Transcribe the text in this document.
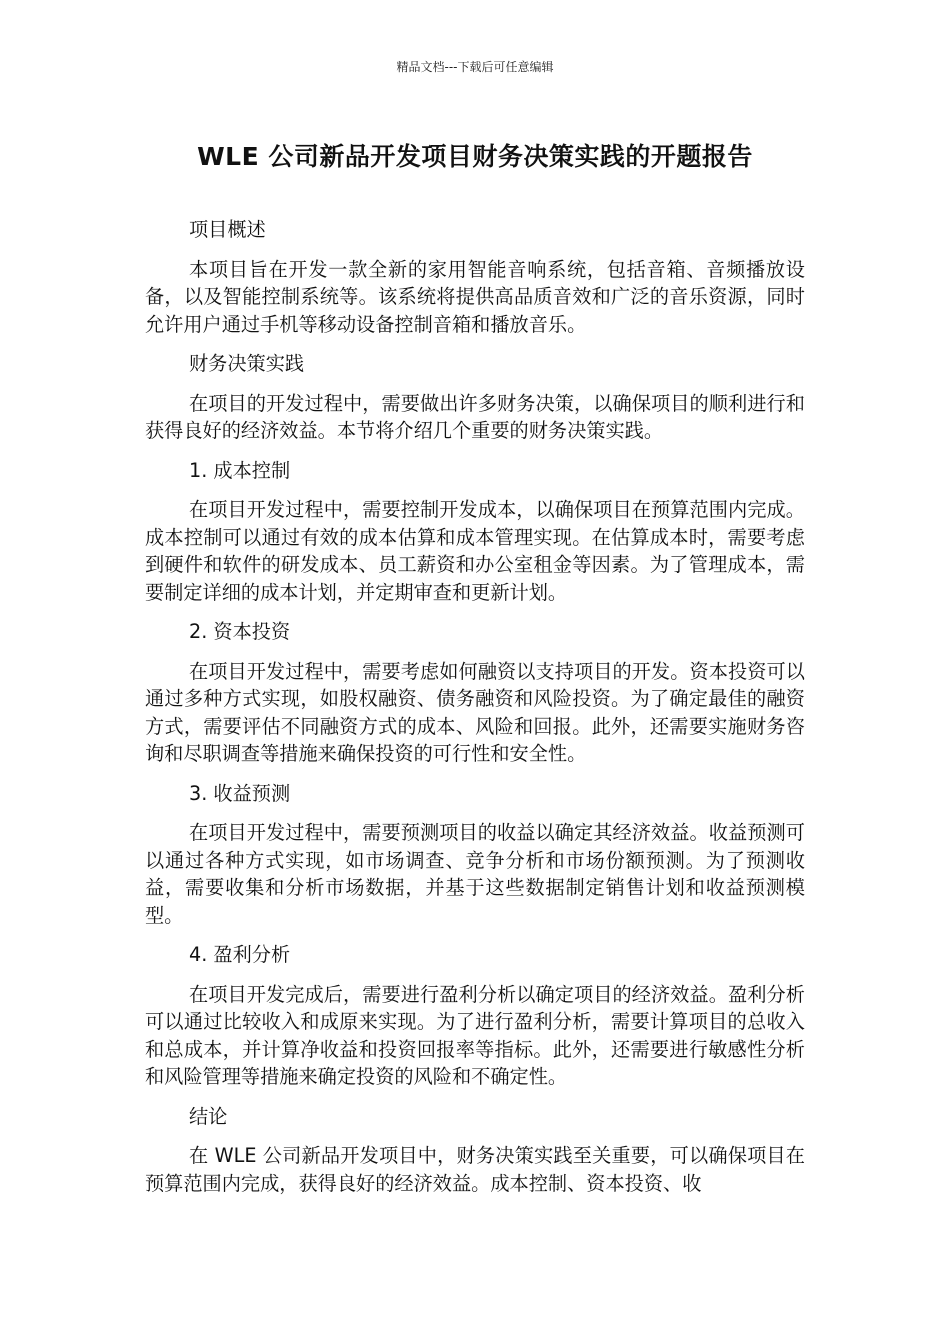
精品文档---下载后可任意编辑
WLE 公司新品开发项目财务决策实践的开题报告
项目概述
本项目旨在开发一款全新的家用智能音响系统，包括音箱、音频播放设备，以及智能控制系统等。该系统将提供高品质音效和广泛的音乐资源，同时允许用户通过手机等移动设备控制音箱和播放音乐。
财务决策实践
在项目的开发过程中，需要做出许多财务决策，以确保项目的顺利进行和获得良好的经济效益。本节将介绍几个重要的财务决策实践。
1. 成本控制
在项目开发过程中，需要控制开发成本，以确保项目在预算范围内完成。成本控制可以通过有效的成本估算和成本管理实现。在估算成本时，需要考虑到硬件和软件的研发成本、员工薪资和办公室租金等因素。为了管理成本，需要制定详细的成本计划，并定期审查和更新计划。
2. 资本投资
在项目开发过程中，需要考虑如何融资以支持项目的开发。资本投资可以通过多种方式实现，如股权融资、债务融资和风险投资。为了确定最佳的融资方式，需要评估不同融资方式的成本、风险和回报。此外，还需要实施财务咨询和尽职调查等措施来确保投资的可行性和安全性。
3. 收益预测
在项目开发过程中，需要预测项目的收益以确定其经济效益。收益预测可以通过各种方式实现，如市场调查、竞争分析和市场份额预测。为了预测收益，需要收集和分析市场数据，并基于这些数据制定销售计划和收益预测模型。
4. 盈利分析
在项目开发完成后，需要进行盈利分析以确定项目的经济效益。盈利分析可以通过比较收入和成原来实现。为了进行盈利分析，需要计算项目的总收入和总成本，并计算净收益和投资回报率等指标。此外，还需要进行敏感性分析和风险管理等措施来确定投资的风险和不确定性。
结论
在 WLE 公司新品开发项目中，财务决策实践至关重要，可以确保项目在预算范围内完成，获得良好的经济效益。成本控制、资本投资、收
